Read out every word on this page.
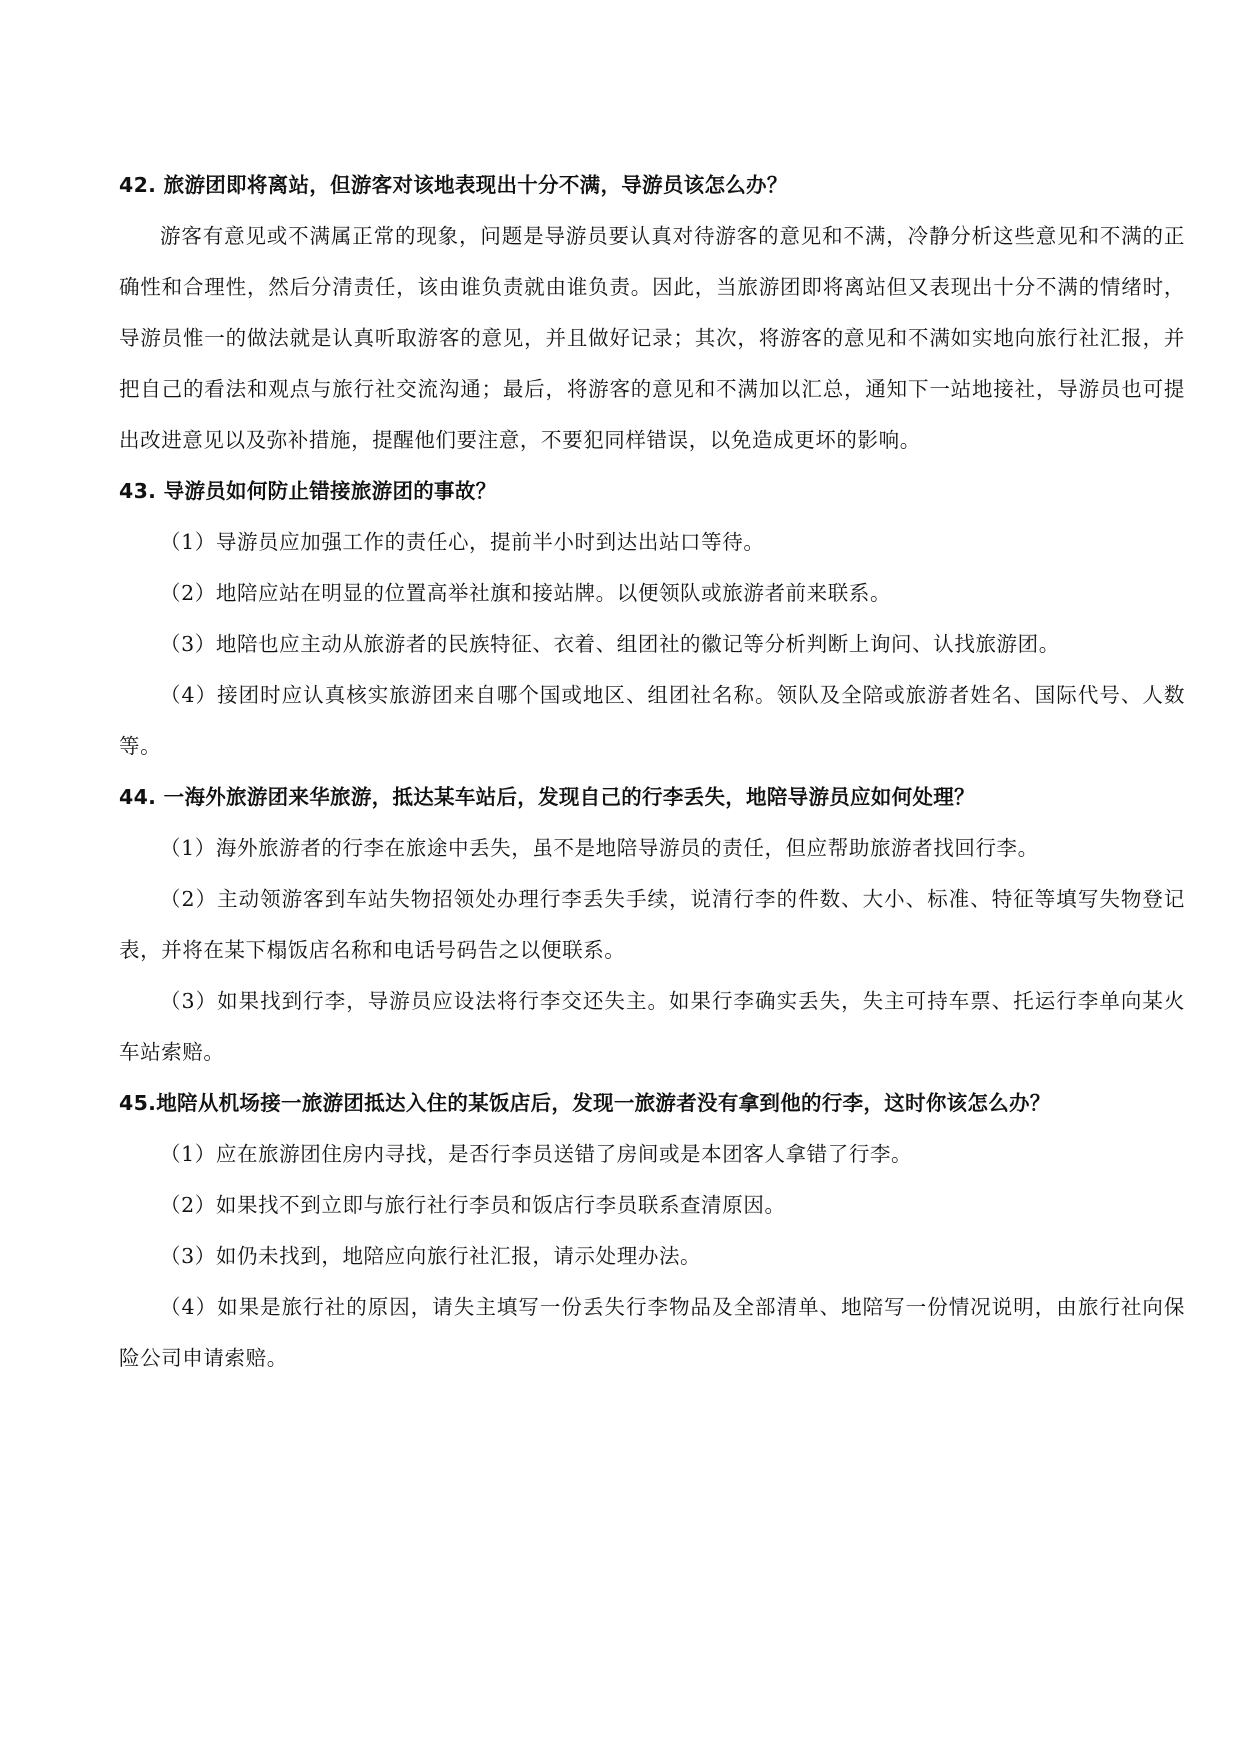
42. 旅游团即将离站，但游客对该地表现出十分不满，导游员该怎么办？

游客有意见或不满属正常的现象，问题是导游员要认真对待游客的意见和不满，冷静分析这些意见和不满的正确性和合理性，然后分清责任，该由谁负责就由谁负责。因此，当旅游团即将离站但又表现出十分不满的情绪时，导游员惟一的做法就是认真听取游客的意见，并且做好记录；其次，将游客的意见和不满如实地向旅行社汇报，并把自己的看法和观点与旅行社交流沟通；最后，将游客的意见和不满加以汇总，通知下一站地接社，导游员也可提出改进意见以及弥补措施，提醒他们要注意，不要犯同样错误，以免造成更坏的影响。

43. 导游员如何防止错接旅游团的事故？

（1）导游员应加强工作的责任心，提前半小时到达出站口等待。

（2）地陪应站在明显的位置高举社旗和接站牌。以便领队或旅游者前来联系。

（3）地陪也应主动从旅游者的民族特征、衣着、组团社的徽记等分析判断上询问、认找旅游团。

（4）接团时应认真核实旅游团来自哪个国或地区、组团社名称。领队及全陪或旅游者姓名、国际代号、人数等。

44. 一海外旅游团来华旅游，抵达某车站后，发现自己的行李丢失，地陪导游员应如何处理？

（1）海外旅游者的行李在旅途中丢失，虽不是地陪导游员的责任，但应帮助旅游者找回行李。

（2）主动领游客到车站失物招领处办理行李丢失手续，说清行李的件数、大小、标准、特征等填写失物登记表，并将在某下榻饭店名称和电话号码告之以便联系。

（3）如果找到行李，导游员应设法将行李交还失主。如果行李确实丢失，失主可持车票、托运行李单向某火车站索赔。

45.地陪从机场接一旅游团抵达入住的某饭店后，发现一旅游者没有拿到他的行李，这时你该怎么办？

（1）应在旅游团住房内寻找，是否行李员送错了房间或是本团客人拿错了行李。

（2）如果找不到立即与旅行社行李员和饭店行李员联系查清原因。

（3）如仍未找到，地陪应向旅行社汇报，请示处理办法。

（4）如果是旅行社的原因，请失主填写一份丢失行李物品及全部清单、地陪写一份情况说明，由旅行社向保险公司申请索赔。
